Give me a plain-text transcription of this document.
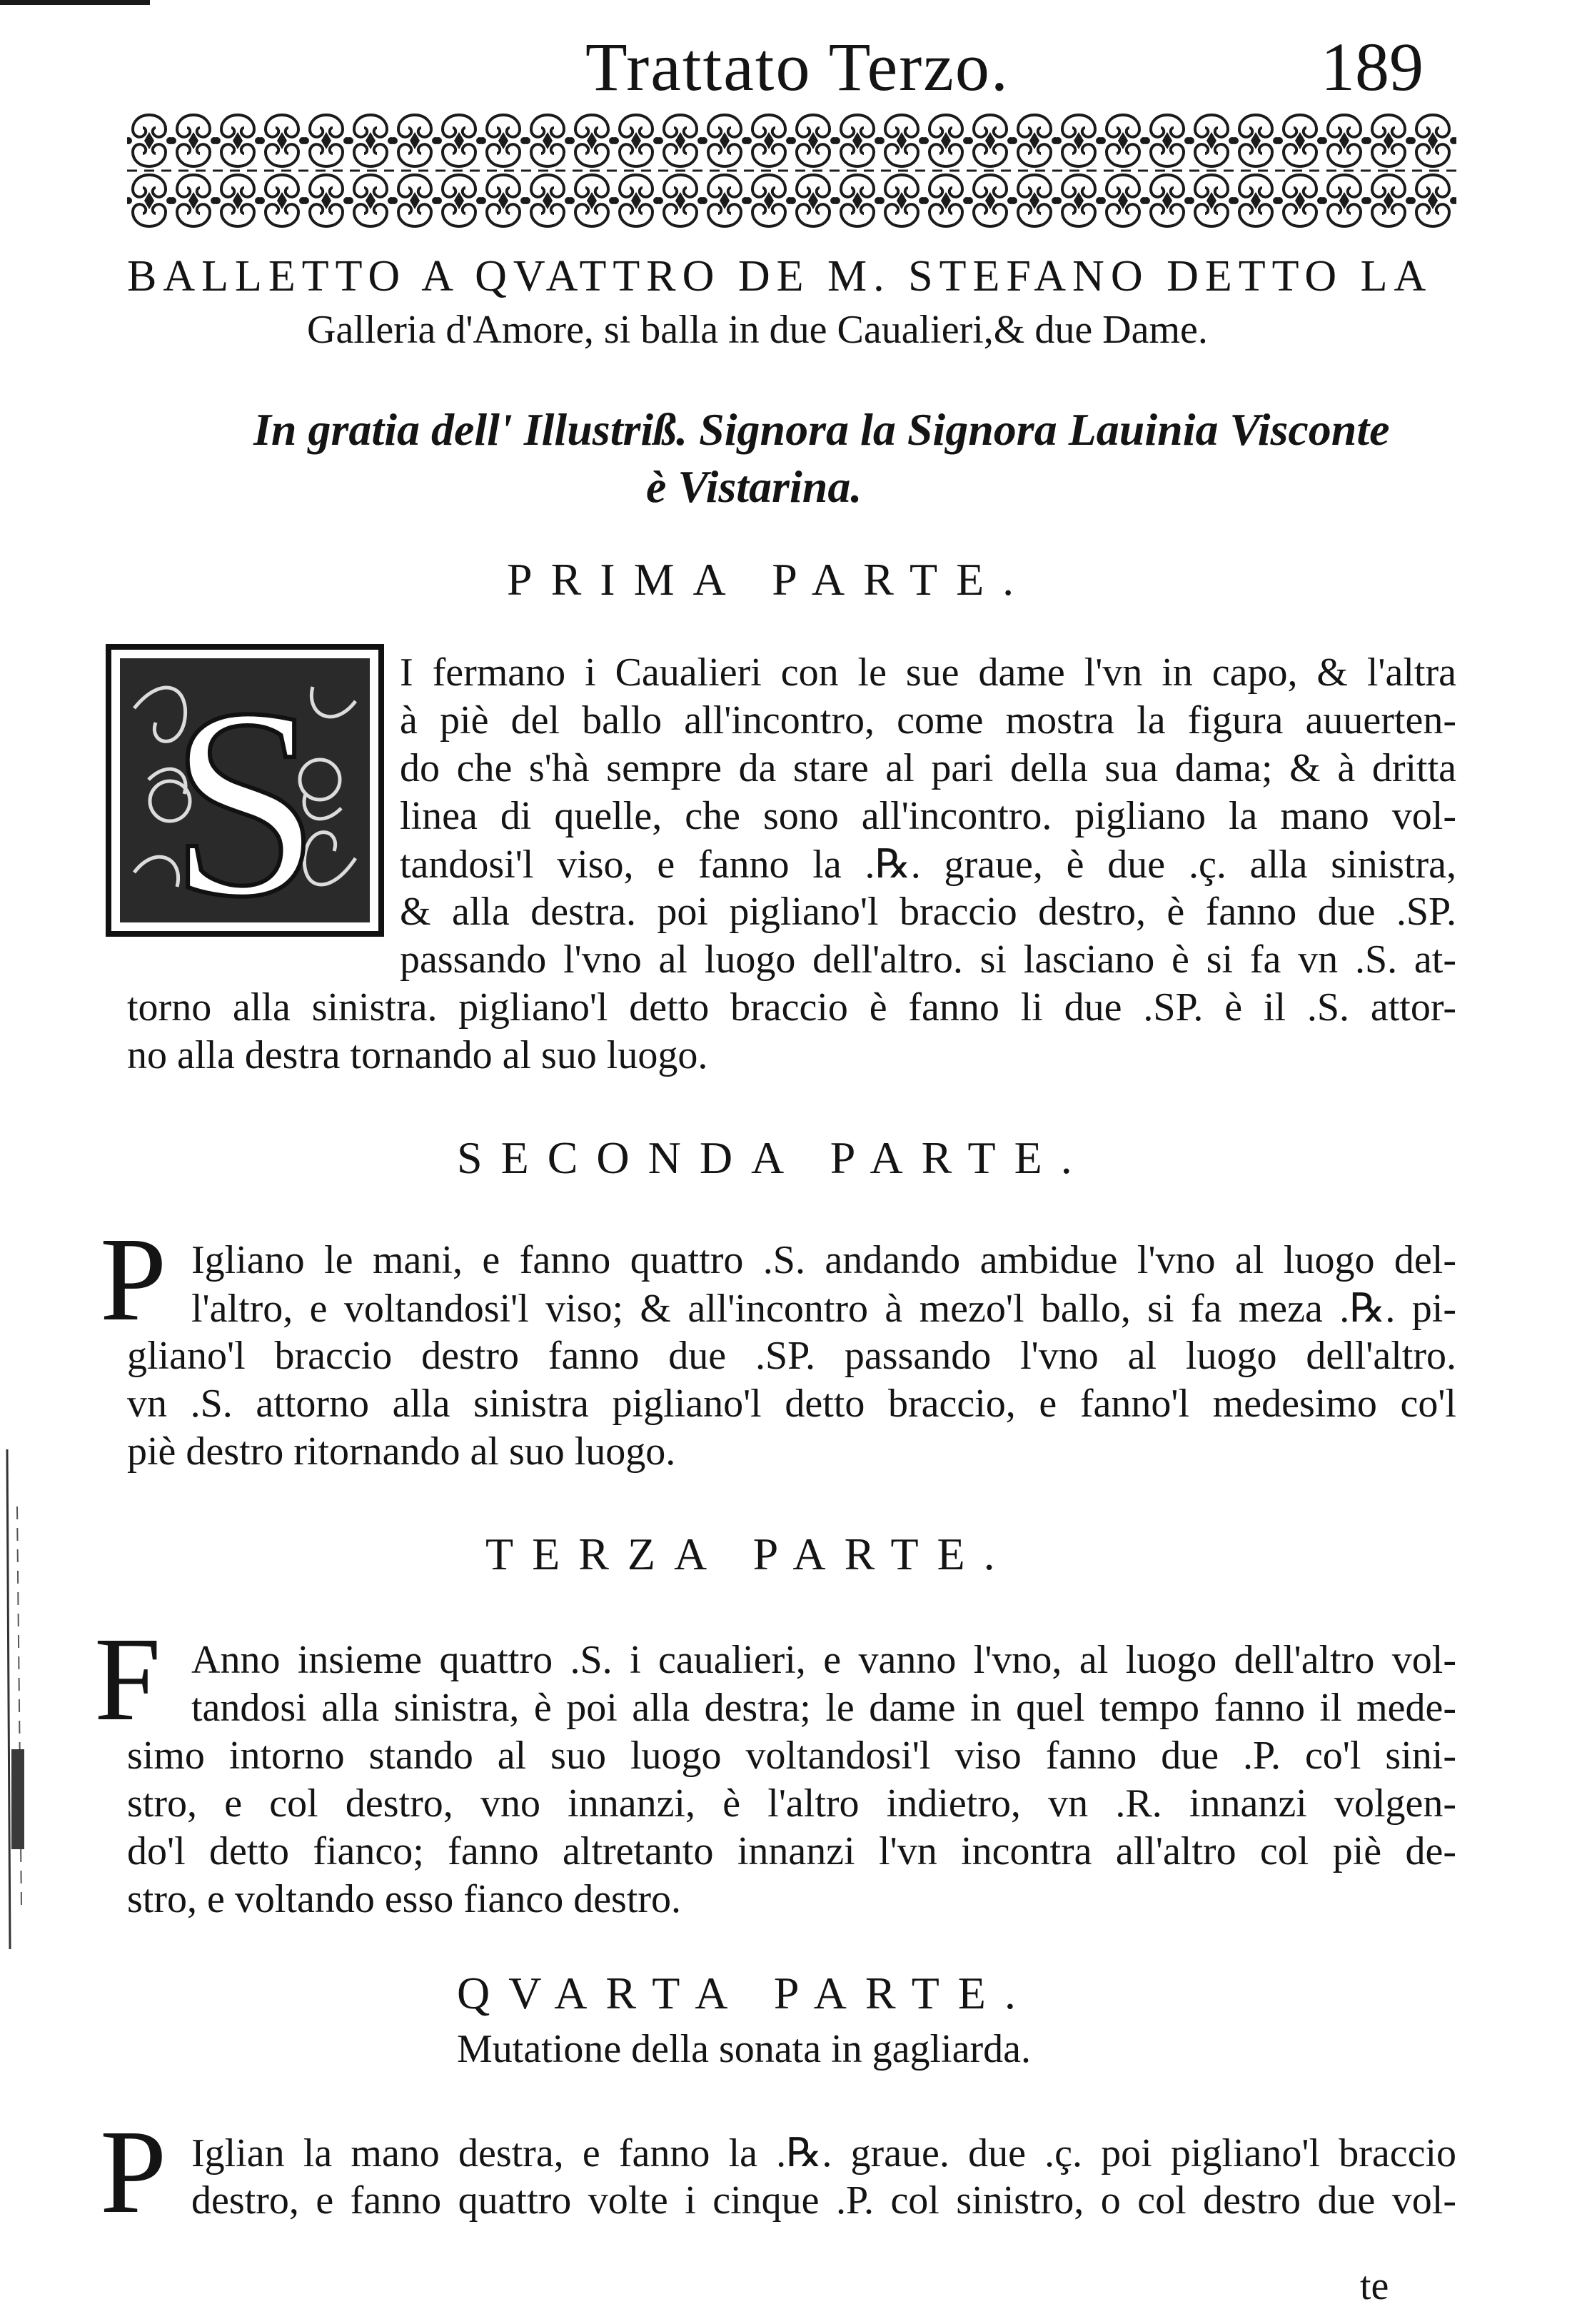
Trattato Terzo.	189
BALLETTO A QVATTRO DE M. STEFANO DETTO LA
Galleria d'Amore, si balla in due Caualieri,& due Dame.
In gratia dell' Illustriß. Signora la Signora Lauinia Visconte
è Vistarina.
PRIMA PARTE.
S I fermano i Caualieri con le sue dame l'vn in capo, & l'altra
à piè del ballo all'incontro, come mostra la figura auuerten-
do che s'hà sempre da stare al pari della sua dama; & à dritta
linea di quelle, che sono all'incontro. pigliano la mano vol-
tandosi'l viso, e fanno la .℞. graue, è due .ç. alla sinistra,
& alla destra. poi pigliano'l braccio destro, è fanno due .SP.
passando l'vno al luogo dell'altro. si lasciano è si fa vn .S. at-
torno alla sinistra. pigliano'l detto braccio è fanno li due .SP. è il .S. attor-
no alla destra tornando al suo luogo.
SECONDA PARTE.
P Igliano le mani, e fanno quattro .S. andando ambidue l'vno al luogo del-
l'altro, e voltandosi'l viso; & all'incontro à mezo'l ballo, si fa meza .℞. pi-
gliano'l braccio destro fanno due .SP. passando l'vno al luogo dell'altro.
vn .S. attorno alla sinistra pigliano'l detto braccio, e fanno'l medesimo co'l
piè destro ritornando al suo luogo.
TERZA PARTE.
F Anno insieme quattro .S. i caualieri, e vanno l'vno, al luogo dell'altro vol-
tandosi alla sinistra, è poi alla destra; le dame in quel tempo fanno il mede-
simo intorno stando al suo luogo voltandosi'l viso fanno due .P. co'l sini-
stro, e col destro, vno innanzi, è l'altro indietro, vn .R. innanzi volgen-
do'l detto fianco; fanno altretanto innanzi l'vn incontra all'altro col piè de-
stro, e voltando esso fianco destro.
QVARTA PARTE.
Mutatione della sonata in gagliarda.
P Iglian la mano destra, e fanno la .℞. graue. due .ç. poi pigliano'l braccio
destro, e fanno quattro volte i cinque .P. col sinistro, o col destro due vol-
te
